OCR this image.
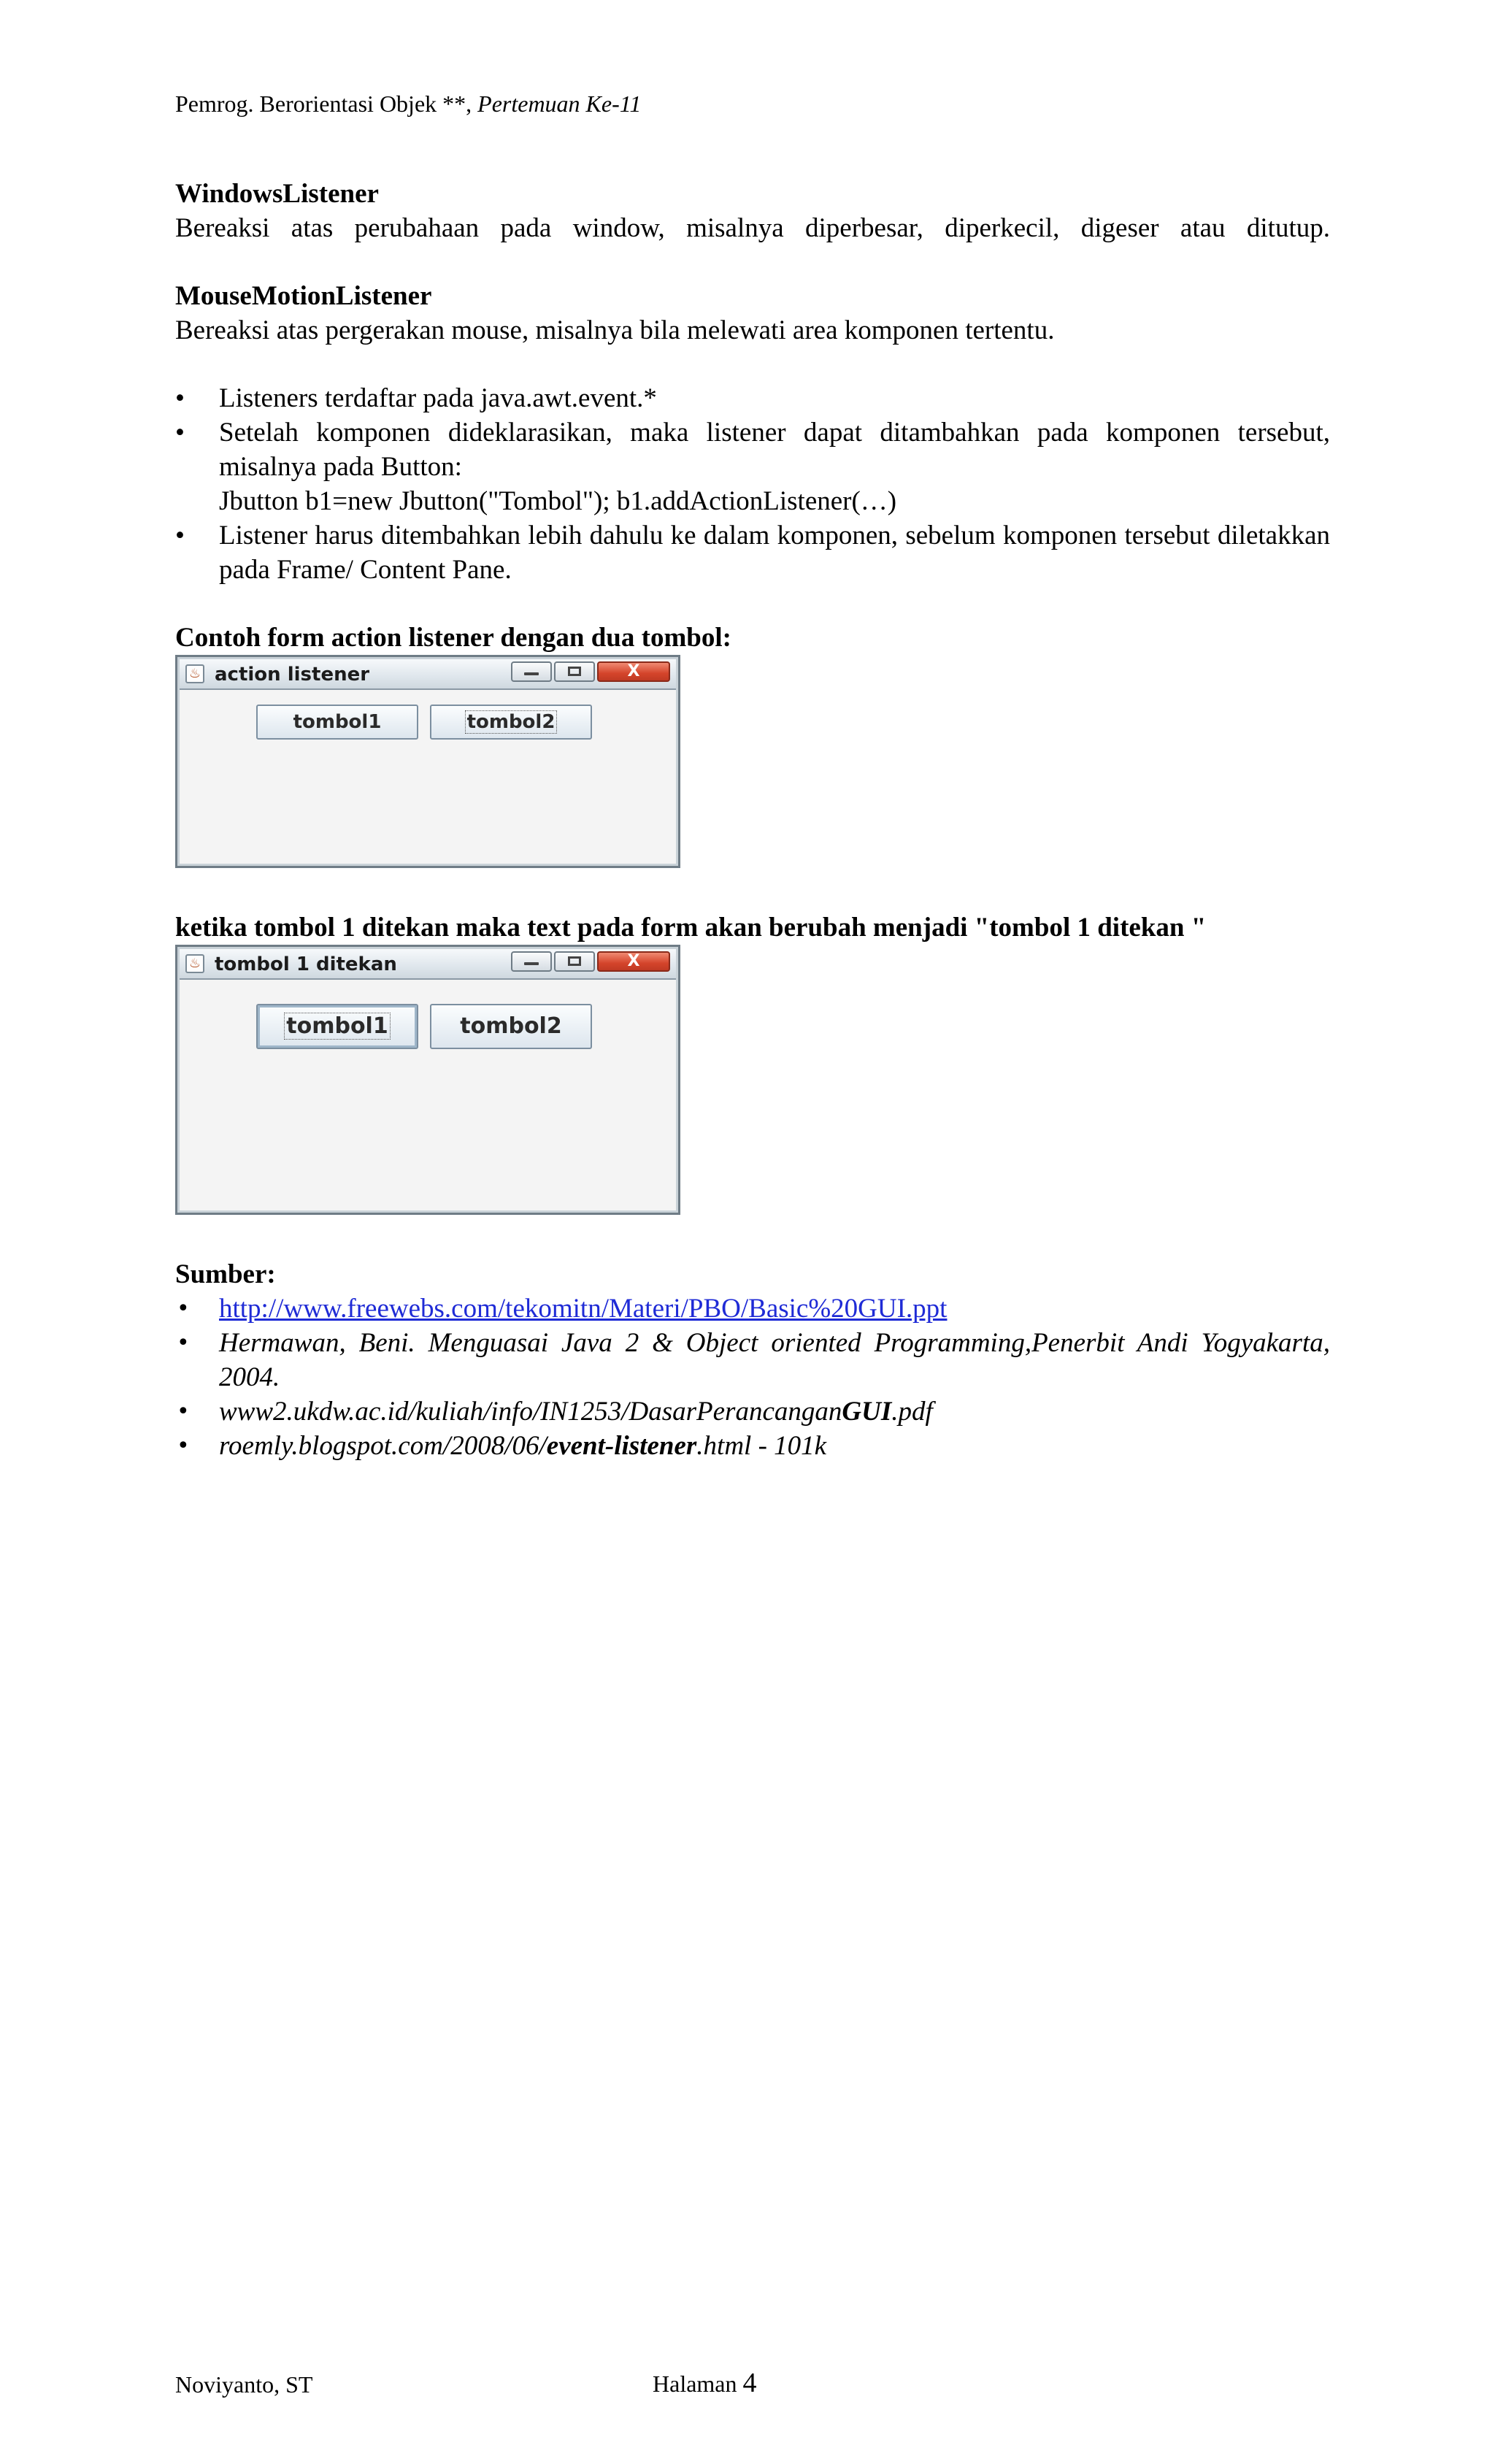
Pemrog. Berorientasi Objek **, Pertemuan Ke-11
WindowsListener
Bereaksi atas perubahaan pada window, misalnya diperbesar, diperkecil, digeser atau ditutup.
MouseMotionListener
Bereaksi atas pergerakan mouse, misalnya bila melewati area komponen tertentu.
• Listeners terdaftar pada java.awt.event.*
• Setelah komponen dideklarasikan, maka listener dapat ditambahkan pada komponen tersebut,
misalnya pada Button:
Jbutton b1=new Jbutton("Tombol"); b1.addActionListener(…)
• Listener harus ditembahkan lebih dahulu ke dalam komponen, sebelum komponen tersebut diletakkan pada Frame/ Content Pane.
Contoh form action listener dengan dua tombol:
♨ action listener	X
tombol1	tombol2
ketika tombol 1 ditekan maka text pada form akan berubah menjadi "tombol 1 ditekan "
♨ tombol 1 ditekan	X
tombol1	tombol2
Sumber:
• http://www.freewebs.com/tekomitn/Materi/PBO/Basic%20GUI.ppt
• Hermawan, Beni. Menguasai Java 2 & Object oriented Programming,Penerbit Andi Yogyakarta, 2004.
• www2.ukdw.ac.id/kuliah/info/IN1253/DasarPerancanganGUI.pdf
• roemly.blogspot.com/2008/06/event-listener.html - 101k
Noviyanto, ST	Halaman 4
